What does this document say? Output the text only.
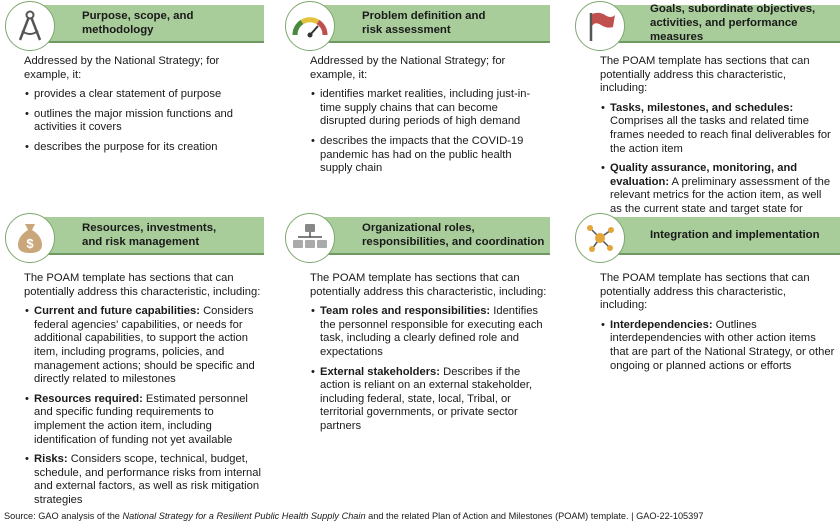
Purpose, scope, and methodology
Addressed by the National Strategy; for example, it:
• provides a clear statement of purpose
• outlines the major mission functions and activities it covers
• describes the purpose for its creation
Problem definition and
risk assessment
Addressed by the National Strategy; for example, it:
• identifies market realities, including just-in-time supply chains that can become disrupted during periods of high demand
• describes the impacts that the COVID-19 pandemic has had on the public health supply chain
Goals, subordinate objectives,
activities, and performance measures
The POAM template has sections that can potentially address this characteristic, including:
• Tasks, milestones, and schedules: Comprises all the tasks and related time frames needed to reach final deliverables for the action item
• Quality assurance, monitoring, and evaluation: A preliminary assessment of the relevant metrics for the action item, as well as the current state and target state for
Resources, investments,
and risk management
$
The POAM template has sections that can potentially address this characteristic, including:
• Current and future capabilities: Considers federal agencies' capabilities, or needs for additional capabilities, to support the action item, including programs, policies, and management actions; should be specific and directly related to milestones
• Resources required: Estimated personnel and specific funding requirements to implement the action item, including identification of funding not yet available
• Risks: Considers scope, technical, budget, schedule, and performance risks from internal and external factors, as well as risk mitigation strategies
Organizational roles,
responsibilities, and coordination
The POAM template has sections that can potentially address this characteristic, including:
• Team roles and responsibilities: Identifies the personnel responsible for executing each task, including a clearly defined role and expectations
• External stakeholders: Describes if the action is reliant on an external stakeholder, including federal, state, local, Tribal, or territorial governments, or private sector partners
Integration and implementation
The POAM template has sections that can potentially address this characteristic, including:
• Interdependencies: Outlines interdependencies with other action items that are part of the National Strategy, or other ongoing or planned actions or efforts
Source: GAO analysis of the National Strategy for a Resilient Public Health Supply Chain and the related Plan of Action and Milestones (POAM) template. | GAO-22-105397
